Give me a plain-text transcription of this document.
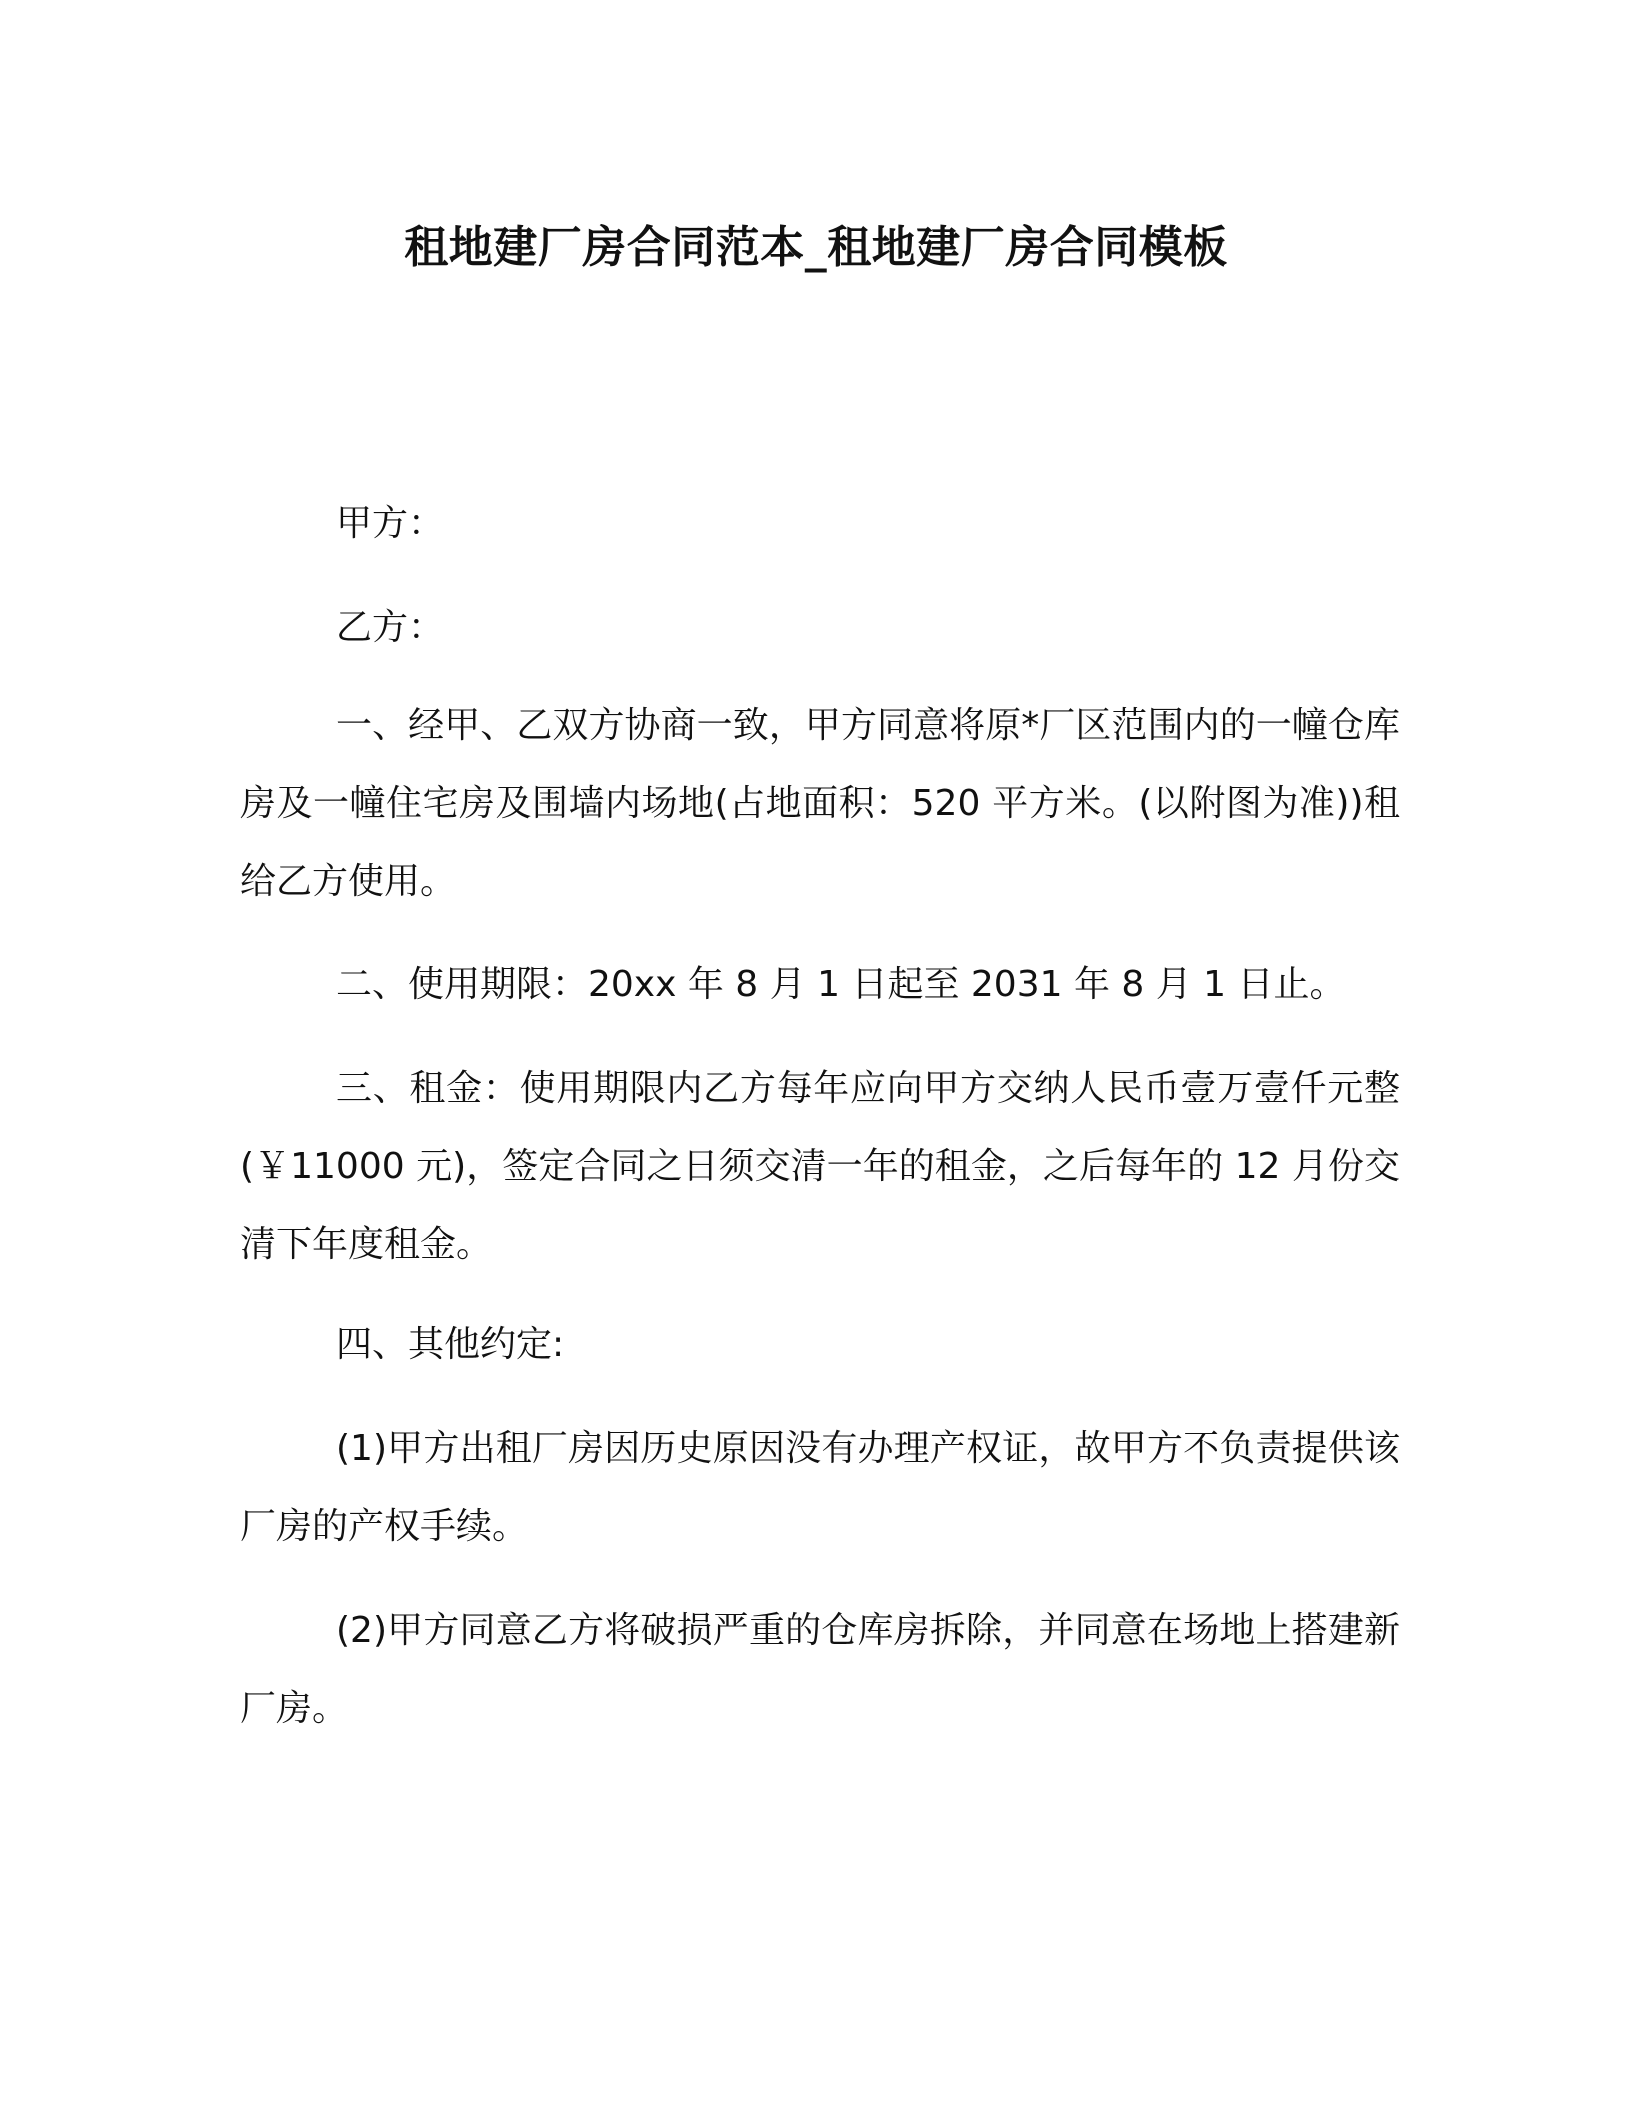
租地建厂房合同范本_租地建厂房合同模板

甲方：

乙方：

一、经甲、乙双方协商一致，甲方同意将原*厂区范围内的一幢仓库房及一幢住宅房及围墙内场地(占地面积：520 平方米。(以附图为准))租给乙方使用。

二、使用期限：20xx 年 8 月 1 日起至 2031 年 8 月 1 日止。

三、租金：使用期限内乙方每年应向甲方交纳人民币壹万壹仟元整(￥11000 元)，签定合同之日须交清一年的租金，之后每年的 12 月份交清下年度租金。

四、其他约定:

(1)甲方出租厂房因历史原因没有办理产权证，故甲方不负责提供该厂房的产权手续。

(2)甲方同意乙方将破损严重的仓库房拆除，并同意在场地上搭建新厂房。
